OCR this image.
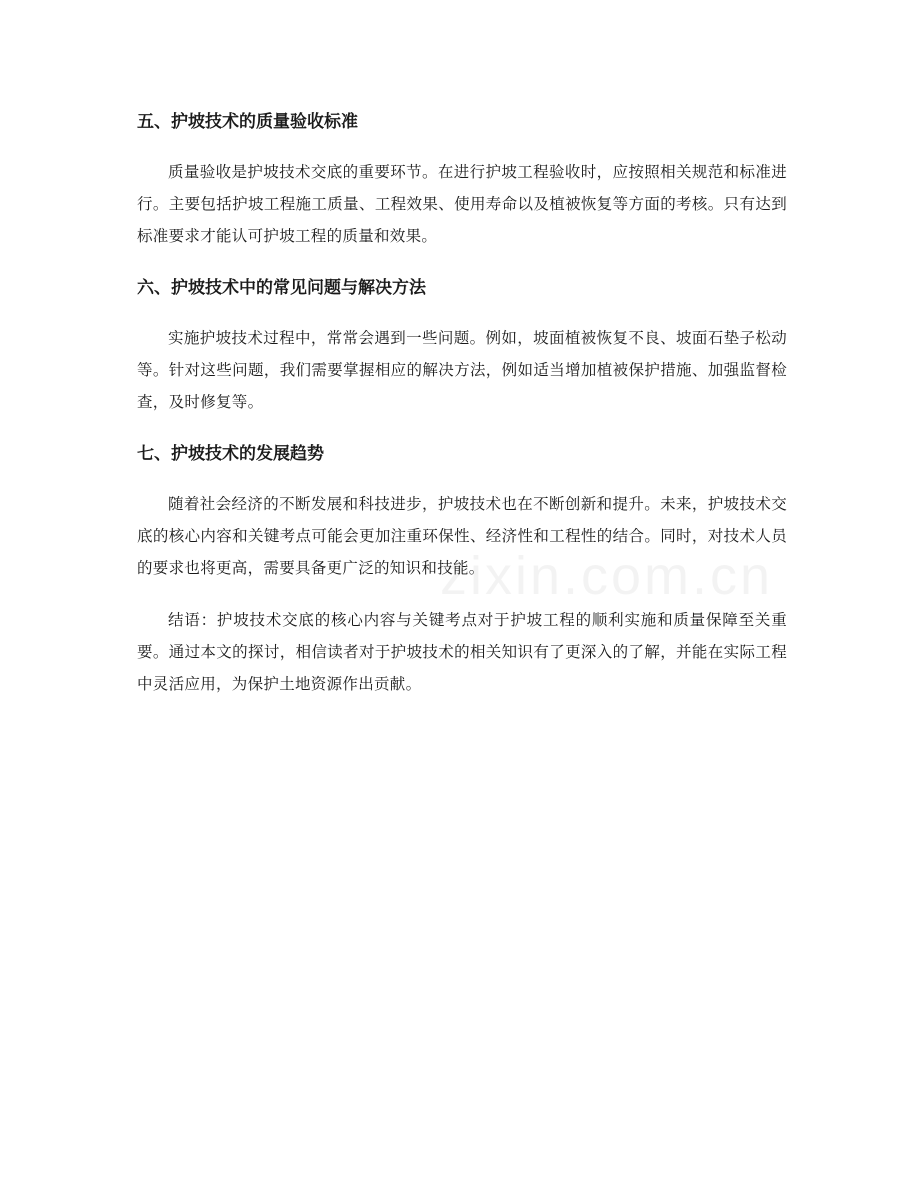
五、护坡技术的质量验收标准

质量验收是护坡技术交底的重要环节。在进行护坡工程验收时，应按照相关规范和标准进行。主要包括护坡工程施工质量、工程效果、使用寿命以及植被恢复等方面的考核。只有达到标准要求才能认可护坡工程的质量和效果。

六、护坡技术中的常见问题与解决方法

实施护坡技术过程中，常常会遇到一些问题。例如，坡面植被恢复不良、坡面石垫子松动等。针对这些问题，我们需要掌握相应的解决方法，例如适当增加植被保护措施、加强监督检查，及时修复等。

七、护坡技术的发展趋势

随着社会经济的不断发展和科技进步，护坡技术也在不断创新和提升。未来，护坡技术交底的核心内容和关键考点可能会更加注重环保性、经济性和工程性的结合。同时，对技术人员的要求也将更高，需要具备更广泛的知识和技能。

结语：护坡技术交底的核心内容与关键考点对于护坡工程的顺利实施和质量保障至关重要。通过本文的探讨，相信读者对于护坡技术的相关知识有了更深入的了解，并能在实际工程中灵活应用，为保护土地资源作出贡献。
